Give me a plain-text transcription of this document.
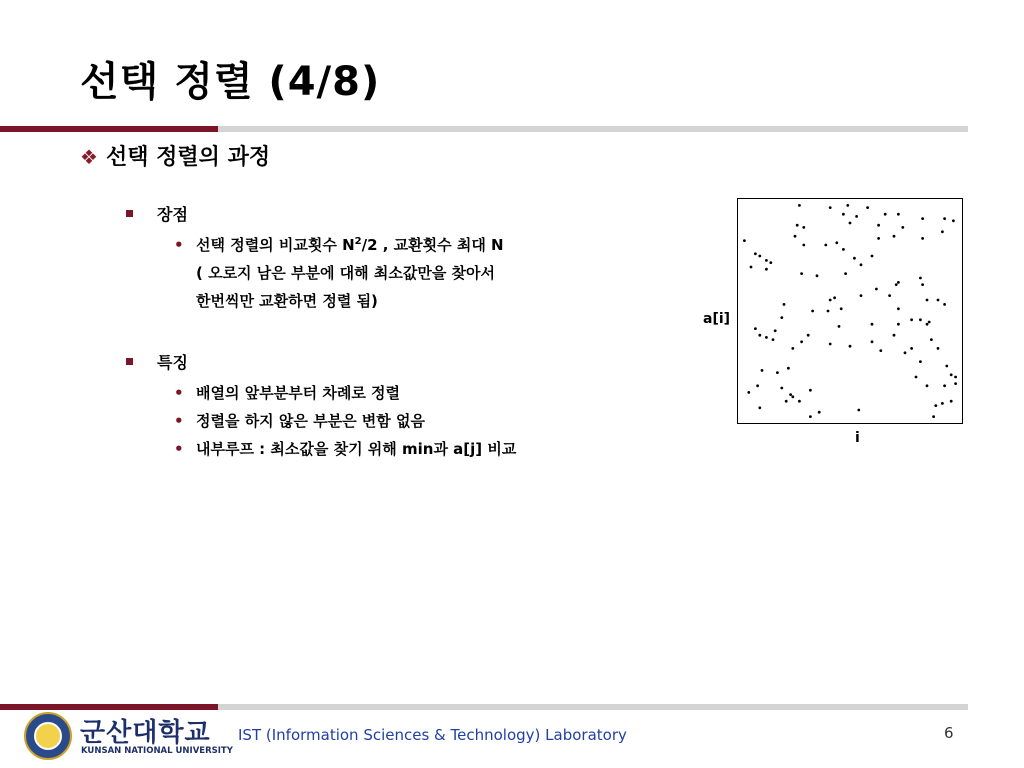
선택 정렬 (4/8)
❖ 선택 정렬의 과정
장점
• 선택 정렬의 비교횟수 $N^2/2$ , 교환횟수 최대 N
( 오로지 남은 부분에 대해 최소값만을 찾아서
한번씩만 교환하면 정렬 됨)
특징
• 배열의 앞부분부터 차례로 정렬
• 정렬을 하지 않은 부분은 변함 없음
• 내부루프 : 최소값을 찾기 위해 min과 a[j] 비교
a[i]
i
군산대학교
KUNSAN NATIONAL UNIVERSITY
IST (Information Sciences & Technology) Laboratory	6
